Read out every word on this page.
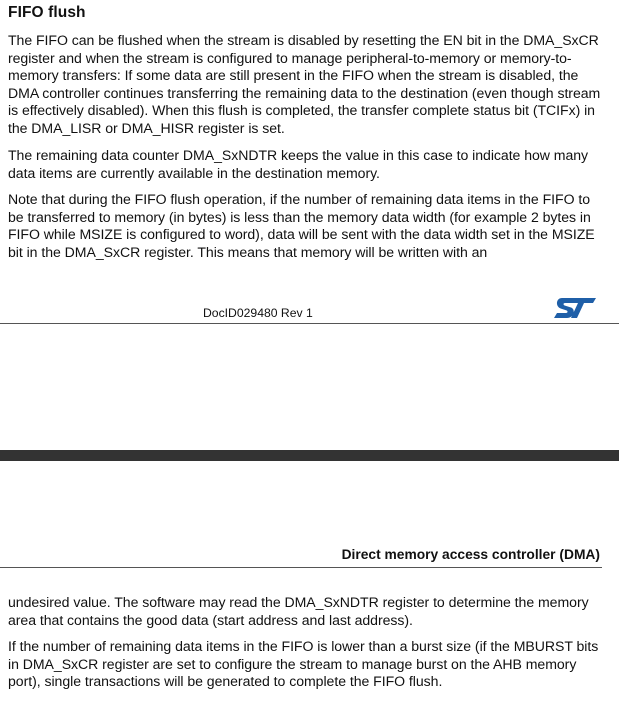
FIFO flush

The FIFO can be flushed when the stream is disabled by resetting the EN bit in the DMA_SxCR register and when the stream is configured to manage peripheral-to-memory or memory-to-memory transfers: If some data are still present in the FIFO when the stream is disabled, the DMA controller continues transferring the remaining data to the destination (even though stream is effectively disabled). When this flush is completed, the transfer complete status bit (TCIFx) in the DMA_LISR or DMA_HISR register is set.

The remaining data counter DMA_SxNDTR keeps the value in this case to indicate how many data items are currently available in the destination memory.

Note that during the FIFO flush operation, if the number of remaining data items in the FIFO to be transferred to memory (in bytes) is less than the memory data width (for example 2 bytes in FIFO while MSIZE is configured to word), data will be sent with the data width set in the MSIZE bit in the DMA_SxCR register. This means that memory will be written with an

DocID029480 Rev 1
Direct memory access controller (DMA)

undesired value. The software may read the DMA_SxNDTR register to determine the memory area that contains the good data (start address and last address).

If the number of remaining data items in the FIFO is lower than a burst size (if the MBURST bits in DMA_SxCR register are set to configure the stream to manage burst on the AHB memory port), single transactions will be generated to complete the FIFO flush.
